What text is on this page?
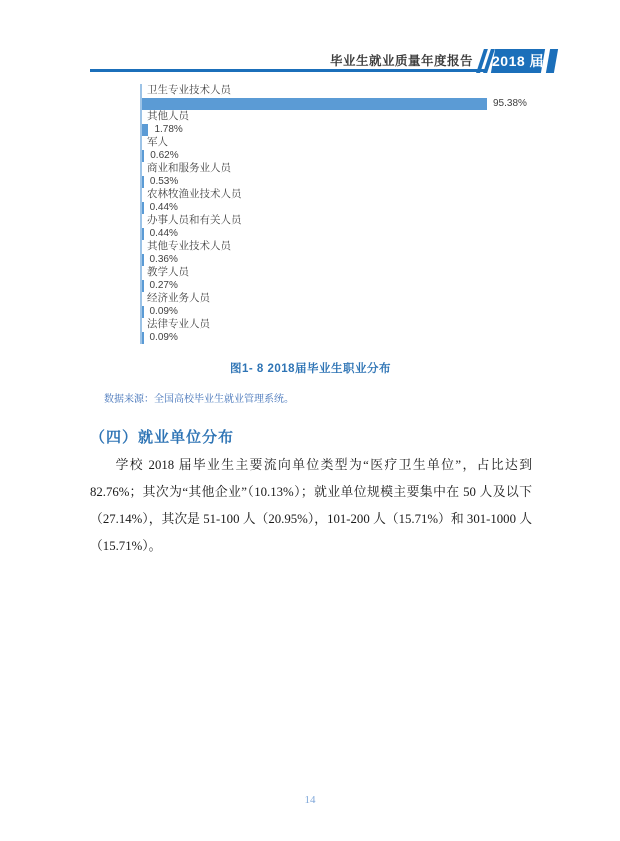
毕业生就业质量年度报告 2018 届
卫生专业技术人员
95.38%
其他人员
1.78%
军人
0.62%
商业和服务业人员
0.53%
农林牧渔业技术人员
0.44%
办事人员和有关人员
0.44%
其他专业技术人员
0.36%
教学人员
0.27%
经济业务人员
0.09%
法律专业人员
0.09%
图1- 8 2018届毕业生职业分布
数据来源：全国高校毕业生就业管理系统。
（四）就业单位分布
学校 2018 届毕业生主要流向单位类型为“医疗卫生单位”，占比达到 82.76%；其次为“其他企业”（10.13%）；就业单位规模主要集中在 50 人及以下（27.14%），其次是 51-100 人（20.95%），101-200 人（15.71%）和 301-1000 人（15.71%）。
14
